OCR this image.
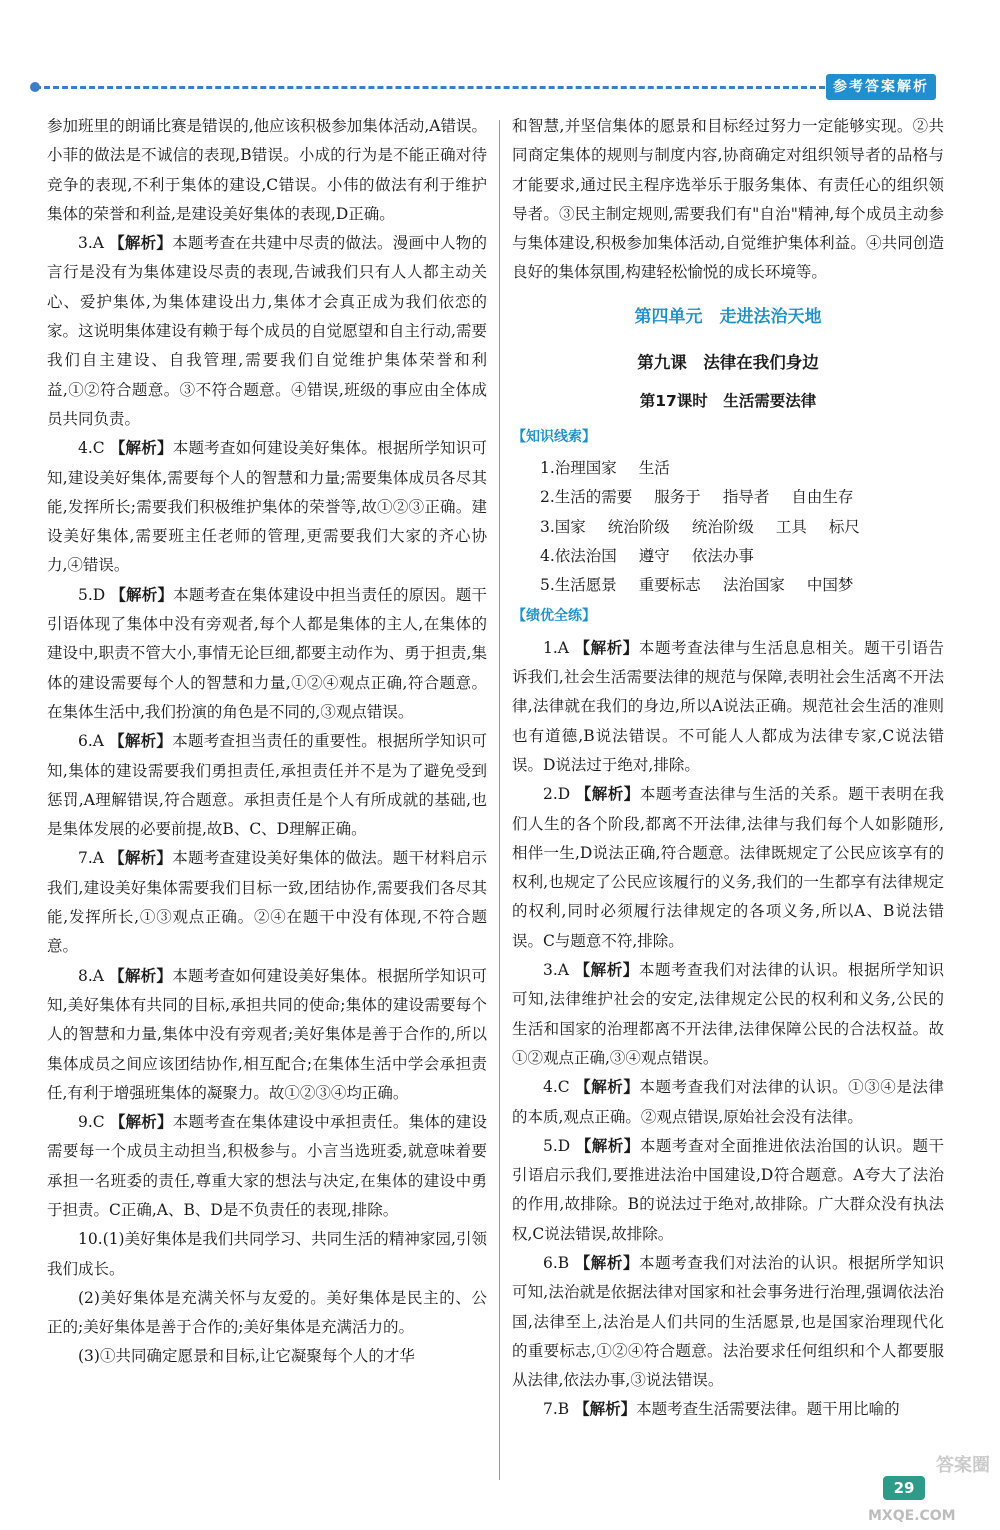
参考答案解析

参加班里的朗诵比赛是错误的,他应该积极参加集体活动,A错误。小菲的做法是不诚信的表现,B错误。小成的行为是不能正确对待竞争的表现,不利于集体的建设,C错误。小伟的做法有利于维护集体的荣誉和利益,是建设美好集体的表现,D正确。

3.A 【解析】本题考查在共建中尽责的做法。漫画中人物的言行是没有为集体建设尽责的表现,告诫我们只有人人都主动关心、爱护集体,为集体建设出力,集体才会真正成为我们依恋的家。这说明集体建设有赖于每个成员的自觉愿望和自主行动,需要我们自主建设、自我管理,需要我们自觉维护集体荣誉和利益,①②符合题意。③不符合题意。④错误,班级的事应由全体成员共同负责。

4.C 【解析】本题考查如何建设美好集体。根据所学知识可知,建设美好集体,需要每个人的智慧和力量;需要集体成员各尽其能,发挥所长;需要我们积极维护集体的荣誉等,故①②③正确。建设美好集体,需要班主任老师的管理,更需要我们大家的齐心协力,④错误。

5.D 【解析】本题考查在集体建设中担当责任的原因。题干引语体现了集体中没有旁观者,每个人都是集体的主人,在集体的建设中,职责不管大小,事情无论巨细,都要主动作为、勇于担责,集体的建设需要每个人的智慧和力量,①②④观点正确,符合题意。在集体生活中,我们扮演的角色是不同的,③观点错误。

6.A 【解析】本题考查担当责任的重要性。根据所学知识可知,集体的建设需要我们勇担责任,承担责任并不是为了避免受到惩罚,A理解错误,符合题意。承担责任是个人有所成就的基础,也是集体发展的必要前提,故B、C、D理解正确。

7.A 【解析】本题考查建设美好集体的做法。题干材料启示我们,建设美好集体需要我们目标一致,团结协作,需要我们各尽其能,发挥所长,①③观点正确。②④在题干中没有体现,不符合题意。

8.A 【解析】本题考查如何建设美好集体。根据所学知识可知,美好集体有共同的目标,承担共同的使命;集体的建设需要每个人的智慧和力量,集体中没有旁观者;美好集体是善于合作的,所以集体成员之间应该团结协作,相互配合;在集体生活中学会承担责任,有利于增强班集体的凝聚力。故①②③④均正确。

9.C 【解析】本题考查在集体建设中承担责任。集体的建设需要每一个成员主动担当,积极参与。小言当选班委,就意味着要承担一名班委的责任,尊重大家的想法与决定,在集体的建设中勇于担责。C正确,A、B、D是不负责任的表现,排除。

10.(1)美好集体是我们共同学习、共同生活的精神家园,引领我们成长。

(2)美好集体是充满关怀与友爱的。美好集体是民主的、公正的;美好集体是善于合作的;美好集体是充满活力的。

(3)①共同确定愿景和目标,让它凝聚每个人的才华

和智慧,并坚信集体的愿景和目标经过努力一定能够实现。②共同商定集体的规则与制度内容,协商确定对组织领导者的品格与才能要求,通过民主程序选举乐于服务集体、有责任心的组织领导者。③民主制定规则,需要我们有"自治"精神,每个成员主动参与集体建设,积极参加集体活动,自觉维护集体利益。④共同创造良好的集体氛围,构建轻松愉悦的成长环境等。

第四单元　走进法治天地
第九课　法律在我们身边
第17课时　生活需要法律
【知识线索】
1.治理国家 生活
2.生活的需要 服务于 指导者 自由生存
3.国家 统治阶级 统治阶级 工具 标尺
4.依法治国 遵守 依法办事
5.生活愿景 重要标志 法治国家 中国梦
【绩优全练】

1.A 【解析】本题考查法律与生活息息相关。题干引语告诉我们,社会生活需要法律的规范与保障,表明社会生活离不开法律,法律就在我们的身边,所以A说法正确。规范社会生活的准则也有道德,B说法错误。不可能人人都成为法律专家,C说法错误。D说法过于绝对,排除。

2.D 【解析】本题考查法律与生活的关系。题干表明在我们人生的各个阶段,都离不开法律,法律与我们每个人如影随形,相伴一生,D说法正确,符合题意。法律既规定了公民应该享有的权利,也规定了公民应该履行的义务,我们的一生都享有法律规定的权利,同时必须履行法律规定的各项义务,所以A、B说法错误。C与题意不符,排除。

3.A 【解析】本题考查我们对法律的认识。根据所学知识可知,法律维护社会的安定,法律规定公民的权利和义务,公民的生活和国家的治理都离不开法律,法律保障公民的合法权益。故①②观点正确,③④观点错误。

4.C 【解析】本题考查我们对法律的认识。①③④是法律的本质,观点正确。②观点错误,原始社会没有法律。

5.D 【解析】本题考查对全面推进依法治国的认识。题干引语启示我们,要推进法治中国建设,D符合题意。A夸大了法治的作用,故排除。B的说法过于绝对,故排除。广大群众没有执法权,C说法错误,故排除。

6.B 【解析】本题考查我们对法治的认识。根据所学知识可知,法治就是依据法律对国家和社会事务进行治理,强调依法治国,法律至上,法治是人们共同的生活愿景,也是国家治理现代化的重要标志,①②④符合题意。法治要求任何组织和个人都要服从法律,依法办事,③说法错误。

7.B 【解析】本题考查生活需要法律。题干用比喻的

29
答案圈
MXQE.COM
